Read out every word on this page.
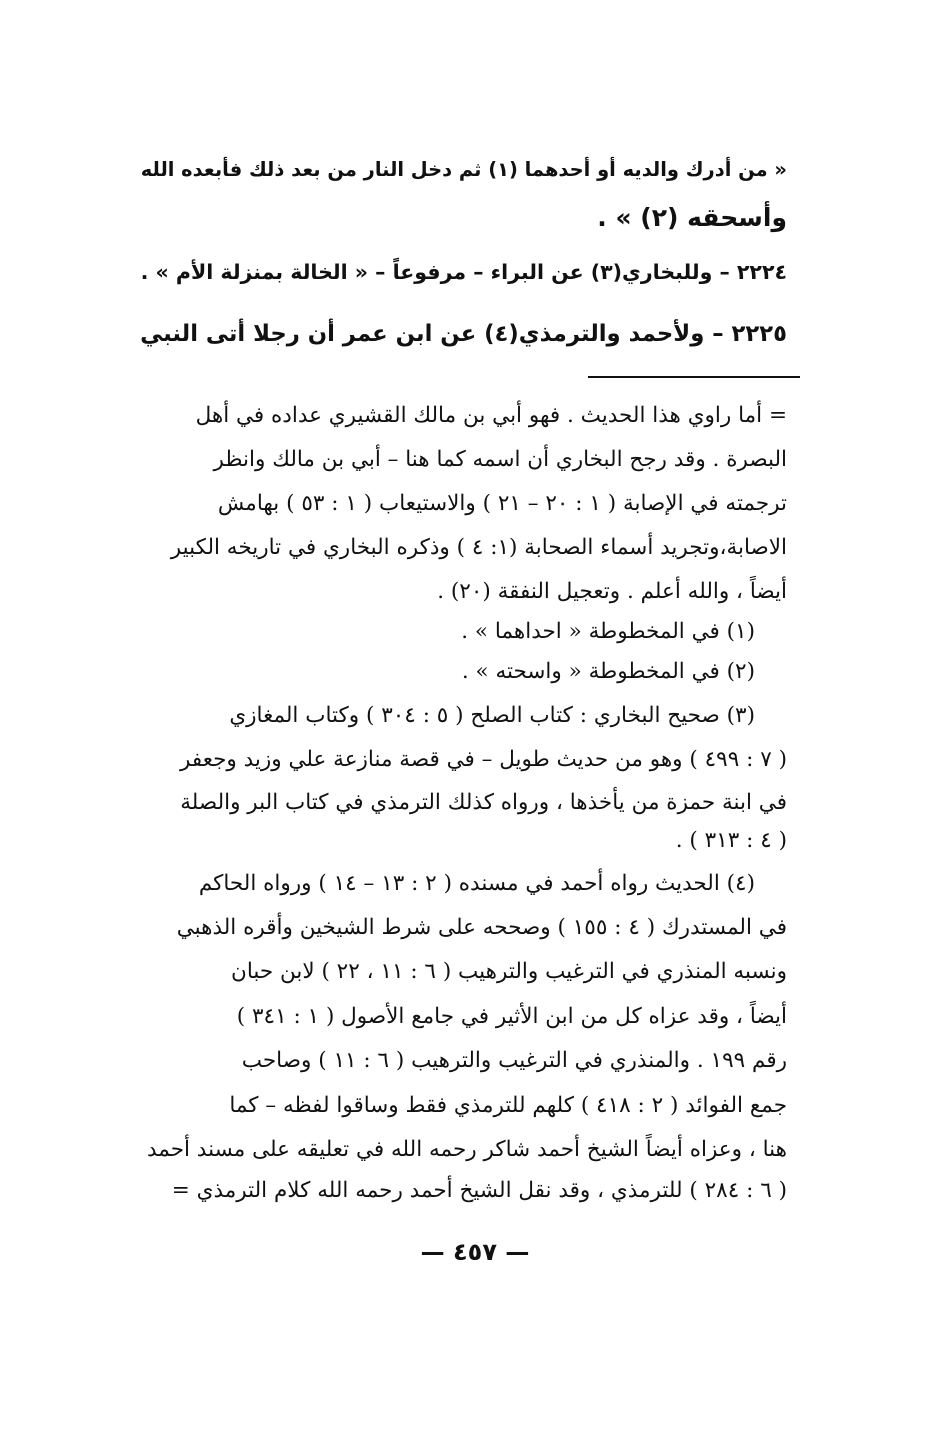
« من أدرك والديه أو أحدهما (١) ثم دخل النار من بعد ذلك فأبعده الله
وأسحقه (٢) » .
٢٢٢٤ – وللبخاري(٣) عن البراء – مرفوعاً – « الخالة بمنزلة الأم » .
٢٢٢٥ – ولأحمد والترمذي(٤) عن ابن عمر أن رجلا أتى النبي
= أما راوي هذا الحديث . فهو أبي بن مالك القشيري عداده في أهل
البصرة . وقد رجح البخاري أن اسمه كما هنا – أبي بن مالك وانظر
ترجمته في الإصابة ( ١ : ٢٠ – ٢١ ) والاستيعاب ( ١ : ٥٣ ) بهامش
الاصابة،وتجريد أسماء الصحابة (١: ٤ ) وذكره البخاري في تاريخه الكبير
أيضاً ، والله أعلم . وتعجيل النفقة (٢٠) .
(١) في المخطوطة « احداهما » .
(٢) في المخطوطة « واسحته » .
(٣) صحيح البخاري : كتاب الصلح ( ٥ : ٣٠٤ ) وكتاب المغازي
( ٧ : ٤٩٩ ) وهو من حديث طويل – في قصة منازعة علي وزيد وجعفر
في ابنة حمزة من يأخذها ، ورواه كذلك الترمذي في كتاب البر والصلة
( ٤ : ٣١٣ ) .
(٤) الحديث رواه أحمد في مسنده ( ٢ : ١٣ – ١٤ ) ورواه الحاكم
في المستدرك ( ٤ : ١٥٥ ) وصححه على شرط الشيخين وأقره الذهبي
ونسبه المنذري في الترغيب والترهيب ( ٦ : ١١ ، ٢٢ ) لابن حبان
أيضاً ، وقد عزاه كل من ابن الأثير في جامع الأصول ( ١ : ٣٤١ )
رقم ١٩٩ . والمنذري في الترغيب والترهيب ( ٦ : ١١ ) وصاحب
جمع الفوائد ( ٢ : ٤١٨ ) كلهم للترمذي فقط وساقوا لفظه – كما
هنا ، وعزاه أيضاً الشيخ أحمد شاكر رحمه الله في تعليقه على مسند أحمد
( ٦ : ٢٨٤ ) للترمذي ، وقد نقل الشيخ أحمد رحمه الله كلام الترمذي =
— ٤٥٧ —
